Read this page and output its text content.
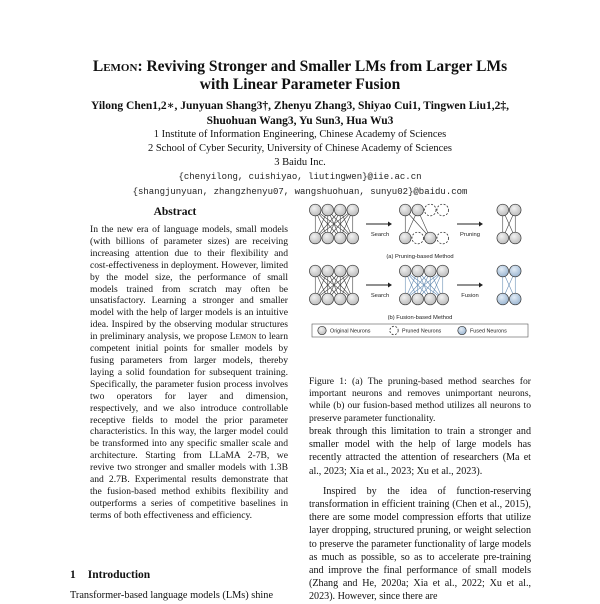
Lemon: Reviving Stronger and Smaller LMs from Larger LMs
with Linear Parameter Fusion
Yilong Chen1,2∗, Junyuan Shang3†, Zhenyu Zhang3, Shiyao Cui1, Tingwen Liu1,2‡,
Shuohuan Wang3, Yu Sun3, Hua Wu3
1 Institute of Information Engineering, Chinese Academy of Sciences
2 School of Cyber Security, University of Chinese Academy of Sciences
3 Baidu Inc.
{chenyilong, cuishiyao, liutingwen}@iie.ac.cn
{shangjunyuan, zhangzhenyu07, wangshuohuan, sunyu02}@baidu.com
Abstract
In the new era of language models, small models (with billions of parameter sizes) are receiving increasing attention due to their flexibility and cost-effectiveness in deployment. However, limited by the model size, the performance of small models trained from scratch may often be unsatisfactory. Learning a stronger and smaller model with the help of larger models is an intuitive idea. Inspired by the observing modular structures in preliminary analysis, we propose Lemon to learn competent initial points for smaller models by fusing parameters from larger models, thereby laying a solid foundation for subsequent training. Specifically, the parameter fusion process involves two operators for layer and dimension, respectively, and we also introduce controllable receptive fields to model the prior parameter characteristics. In this way, the larger model could be transformed into any specific smaller scale and architecture. Starting from LLaMA 2-7B, we revive two stronger and smaller models with 1.3B and 2.7B. Experimental results demonstrate that the fusion-based method exhibits flexibility and outperforms a series of competitive baselines in terms of both effectiveness and efficiency.
1 Introduction
Transformer-based language models (LMs) shine
Search	Pruning
(a) Pruning-based Method
Search	Fusion
(b) Fusion-based Method
Original Neurons	Pruned Neurons	Fused Neurons
Figure 1: (a) The pruning-based method searches for important neurons and removes unimportant neurons, while (b) our fusion-based method utilizes all neurons to preserve parameter functionality.

break through this limitation to train a stronger and smaller model with the help of large models has recently attracted the attention of researchers (Ma et al., 2023; Xia et al., 2023; Xu et al., 2023).

Inspired by the idea of function-reserving transformation in efficient training (Chen et al., 2015), there are some model compression efforts that utilize layer dropping, structured pruning, or weight selection to preserve the parameter functionality of large models as much as possible, so as to accelerate pre-training and improve the final performance of small models (Zhang and He, 2020a; Xia et al., 2022; Xu et al., 2023). However, since there are
